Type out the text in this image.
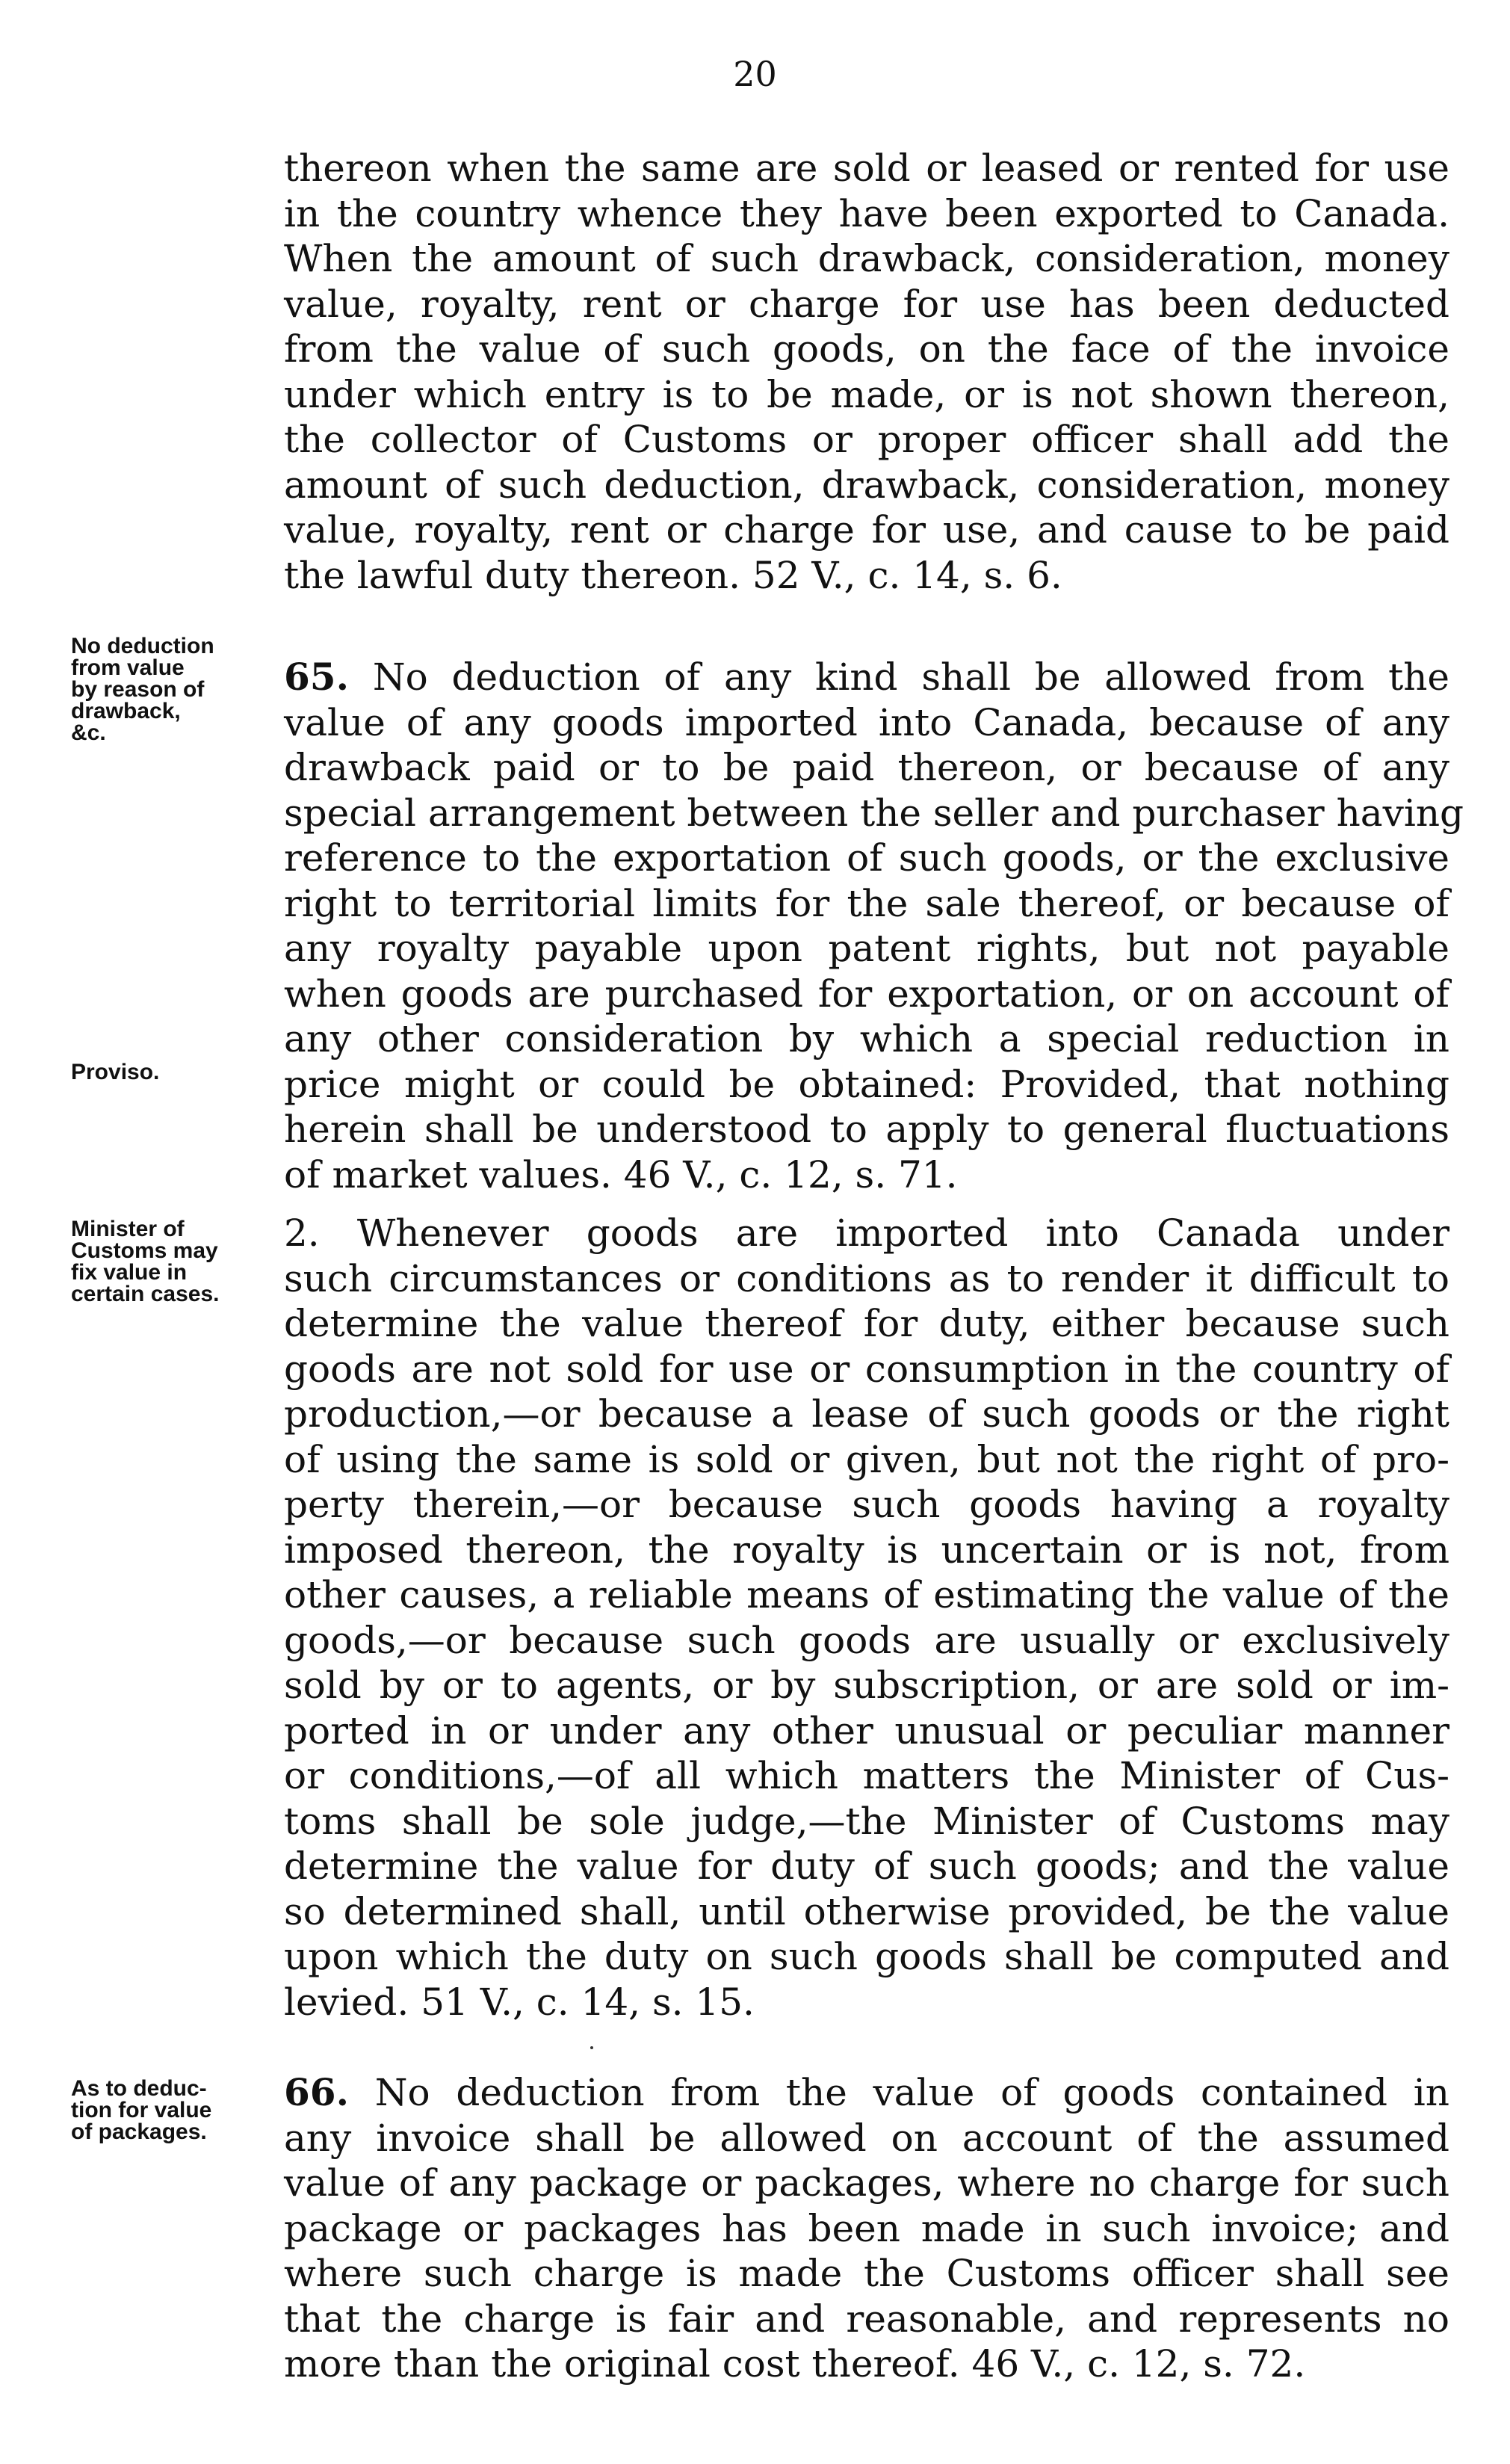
20
thereon when the same are sold or leased or rented for use
in the country whence they have been exported to Canada.
When the amount of such drawback, consideration, money
value, royalty, rent or charge for use has been deducted
from the value of such goods, on the face of the invoice
under which entry is to be made, or is not shown thereon,
the collector of Customs or proper officer shall add the
amount of such deduction, drawback, consideration, money
value, royalty, rent or charge for use, and cause to be paid
the lawful duty thereon. 52 V., c. 14, s. 6.
No deduction
from value
by reason of
drawback,
&c.
Proviso.
65. No deduction of any kind shall be allowed from the
value of any goods imported into Canada, because of any
drawback paid or to be paid thereon, or because of any
special arrangement between the seller and purchaser having
reference to the exportation of such goods, or the exclusive
right to territorial limits for the sale thereof, or because of
any royalty payable upon patent rights, but not payable
when goods are purchased for exportation, or on account of
any other consideration by which a special reduction in
price might or could be obtained: Provided, that nothing
herein shall be understood to apply to general fluctuations
of market values. 46 V., c. 12, s. 71.
Minister of
Customs may
fix value in
certain cases.
2. Whenever goods are imported into Canada under
such circumstances or conditions as to render it difficult to
determine the value thereof for duty, either because such
goods are not sold for use or consumption in the country of
production,—or because a lease of such goods or the right
of using the same is sold or given, but not the right of pro-
perty therein,—or because such goods having a royalty
imposed thereon, the royalty is uncertain or is not, from
other causes, a reliable means of estimating the value of the
goods,—or because such goods are usually or exclusively
sold by or to agents, or by subscription, or are sold or im-
ported in or under any other unusual or peculiar manner
or conditions,—of all which matters the Minister of Cus-
toms shall be sole judge,—the Minister of Customs may
determine the value for duty of such goods; and the value
so determined shall, until otherwise provided, be the value
upon which the duty on such goods shall be computed and
levied. 51 V., c. 14, s. 15.
As to deduc-
tion for value
of packages.
66. No deduction from the value of goods contained in
any invoice shall be allowed on account of the assumed
value of any package or packages, where no charge for such
package or packages has been made in such invoice; and
where such charge is made the Customs officer shall see
that the charge is fair and reasonable, and represents no
more than the original cost thereof. 46 V., c. 12, s. 72.
